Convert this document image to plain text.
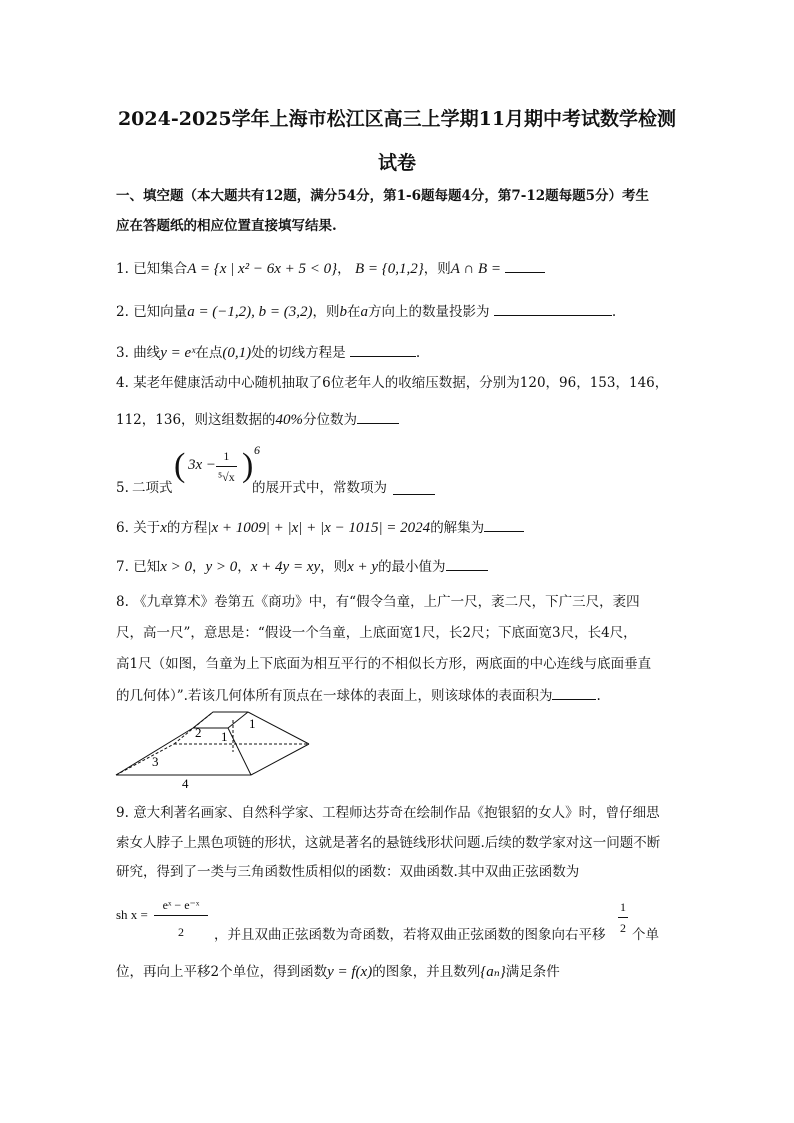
2024-2025学年上海市松江区高三上学期11月期中考试数学检测
试卷
一、填空题（本大题共有12题，满分54分，第1-6题每题4分，第7-12题每题5分）考生
应在答题纸的相应位置直接填写结果.
1. 已知集合A = {x | x² − 6x + 5 < 0}， B = {0,1,2}，则A ∩ B =
2. 已知向量a = (−1,2), b = (3,2)，则b在a方向上的数量投影为	.
3. 曲线y = eˣ在点(0,1)处的切线方程是	.
4. 某老年健康活动中心随机抽取了6位老年人的收缩压数据，分别为120，96，153，146，
112，136，则这组数据的40%分位数为
5. 二项式
( $3x - \frac{1}{\text{⁵√x}}$ ) 6
的展开式中，常数项为
6. 关于x的方程|x + 1009| + |x| + |x − 1015| = 2024的解集为
7. 已知x > 0，y > 0，x + 4y = xy，则x + y的最小值为
8. 《九章算术》卷第五《商功》中，有“假令刍童，上广一尺，袤二尺，下广三尺，袤四
尺，高一尺”，意思是：“假设一个刍童，上底面宽1尺，长2尺；下底面宽3尺，长4尺，
高1尺（如图，刍童为上下底面为相互平行的不相似长方形，两底面的中心连线与底面垂直
的几何体）”.若该几何体所有顶点在一球体的表面上，则该球体的表面积为	.
1
2 1
3
4
9. 意大利著名画家、自然科学家、工程师达芬奇在绘制作品《抱银貂的女人》时，曾仔细思
索女人脖子上黑色项链的形状，这就是著名的悬链线形状问题.后续的数学家对这一问题不断
研究，得到了一类与三角函数性质相似的函数：双曲函数.其中双曲正弦函数为
sh $x = \frac{\text{eˣ − e⁻ˣ}}{2}$ ，并且双曲正弦函数为奇函数，若将双曲正弦函数的图象向右平移 $\frac{1}{2}$ 个单
位，再向上平移2个单位，得到函数y = f(x)的图象，并且数列{aₙ}满足条件
